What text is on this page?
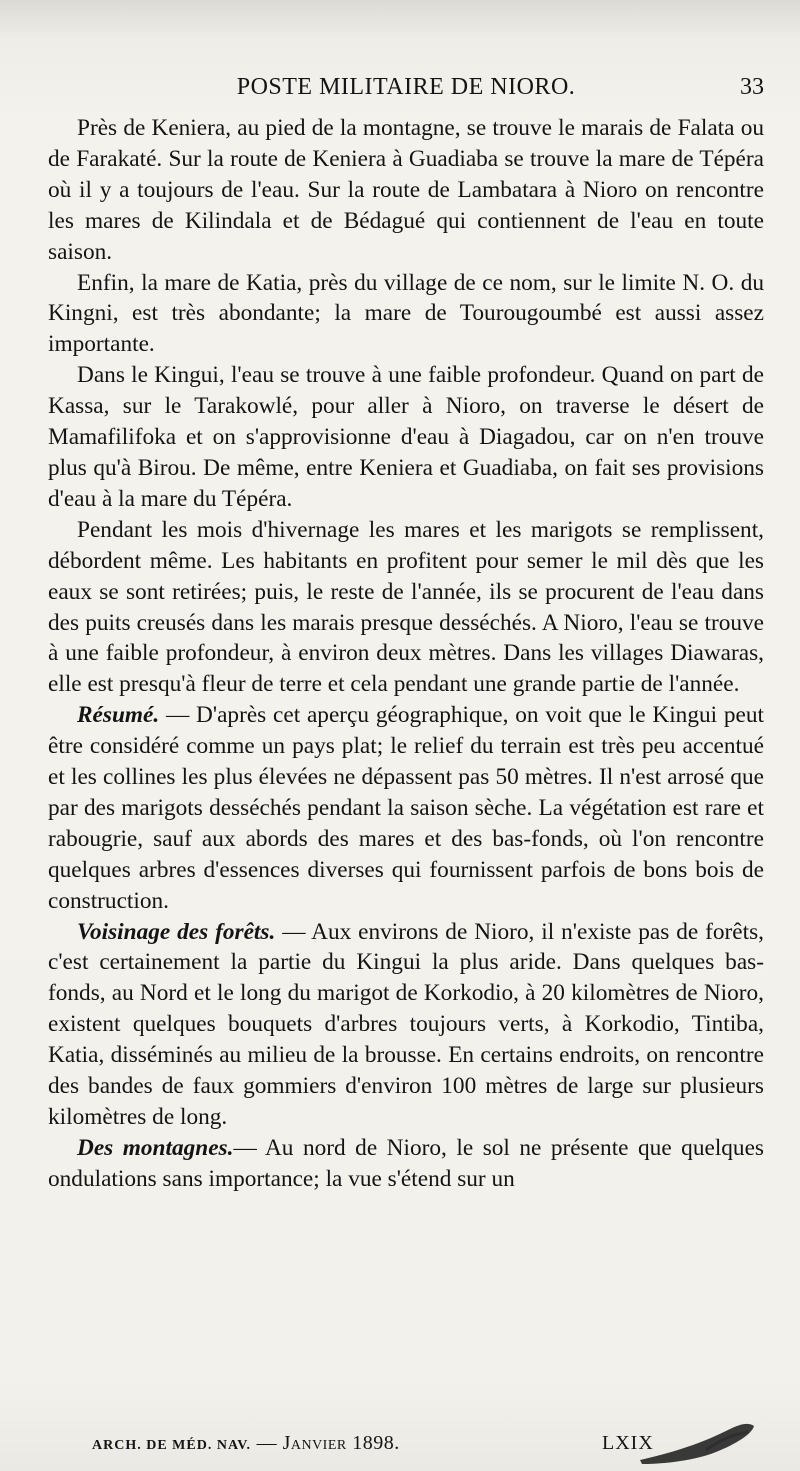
POSTE MILITAIRE DE NIORO.	33

Près de Keniera, au pied de la montagne, se trouve le marais de Falata ou de Farakaté. Sur la route de Keniera à Guadiaba se trouve la mare de Tépéra où il y a toujours de l'eau. Sur la route de Lambatara à Nioro on rencontre les mares de Kilindala et de Bédagué qui contiennent de l'eau en toute saison.

Enfin, la mare de Katia, près du village de ce nom, sur le limite N. O. du Kingni, est très abondante; la mare de Tourougoumbé est aussi assez importante.

Dans le Kingui, l'eau se trouve à une faible profondeur. Quand on part de Kassa, sur le Tarakowlé, pour aller à Nioro, on traverse le désert de Mamafilifoka et on s'approvisionne d'eau à Diagadou, car on n'en trouve plus qu'à Birou. De même, entre Keniera et Guadiaba, on fait ses provisions d'eau à la mare du Tépéra.

Pendant les mois d'hivernage les mares et les marigots se remplissent, débordent même. Les habitants en profitent pour semer le mil dès que les eaux se sont retirées; puis, le reste de l'année, ils se procurent de l'eau dans des puits creusés dans les marais presque desséchés. A Nioro, l'eau se trouve à une faible profondeur, à environ deux mètres. Dans les villages Diawaras, elle est presqu'à fleur de terre et cela pendant une grande partie de l'année.

Résumé. — D'après cet aperçu géographique, on voit que le Kingui peut être considéré comme un pays plat; le relief du terrain est très peu accentué et les collines les plus élevées ne dépassent pas 50 mètres. Il n'est arrosé que par des marigots desséchés pendant la saison sèche. La végétation est rare et rabougrie, sauf aux abords des mares et des bas-fonds, où l'on rencontre quelques arbres d'essences diverses qui fournissent parfois de bons bois de construction.

Voisinage des forêts. — Aux environs de Nioro, il n'existe pas de forêts, c'est certainement la partie du Kingui la plus aride. Dans quelques bas-fonds, au Nord et le long du marigot de Korkodio, à 20 kilomètres de Nioro, existent quelques bouquets d'arbres toujours verts, à Korkodio, Tintiba, Katia, disséminés au milieu de la brousse. En certains endroits, on rencontre des bandes de faux gommiers d'environ 100 mètres de large sur plusieurs kilomètres de long.

Des montagnes.— Au nord de Nioro, le sol ne présente que quelques ondulations sans importance; la vue s'étend sur un

ARCH. DE MÉD. NAV. — Janvier 1898.	LXIX
